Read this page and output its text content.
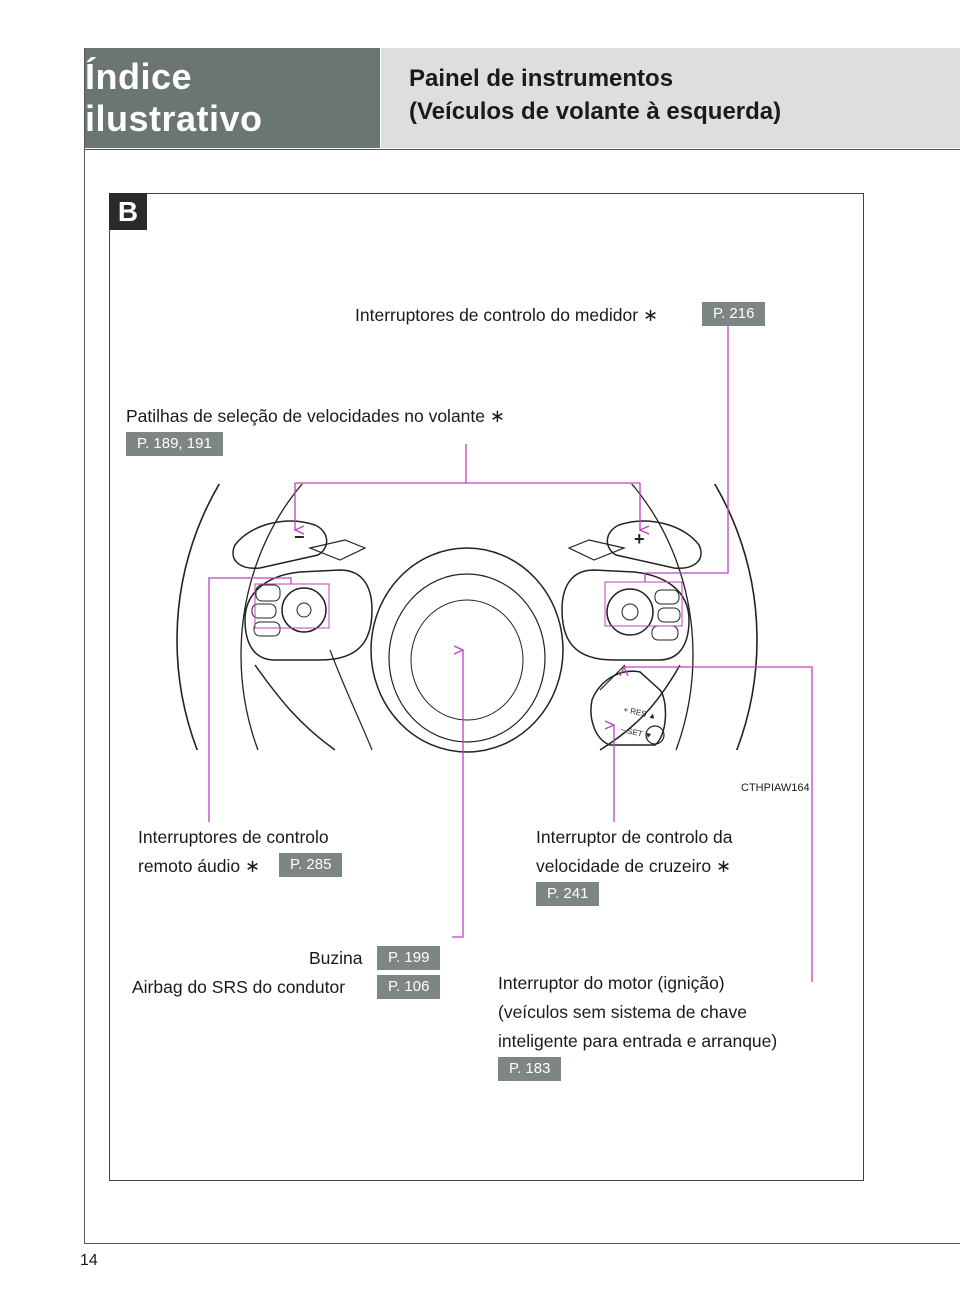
Índice ilustrativo
Painel de instrumentos
(Veículos de volante à esquerda)
14
B
−	+
+ RES ▲
− SET ▼
CTHPIAW164
Interruptores de controlo do medidor ∗	P. 216
Patilhas de seleção de velocidades no volante ∗
P. 189, 191
Interruptores de controlo
remoto áudio ∗	P. 285
Interruptor de controlo da
velocidade de cruzeiro ∗
P. 241
Buzina	P. 199
Airbag do SRS do condutor	P. 106	Interruptor do motor (ignição)
(veículos sem sistema de chave
inteligente para entrada e arranque)
P. 183
